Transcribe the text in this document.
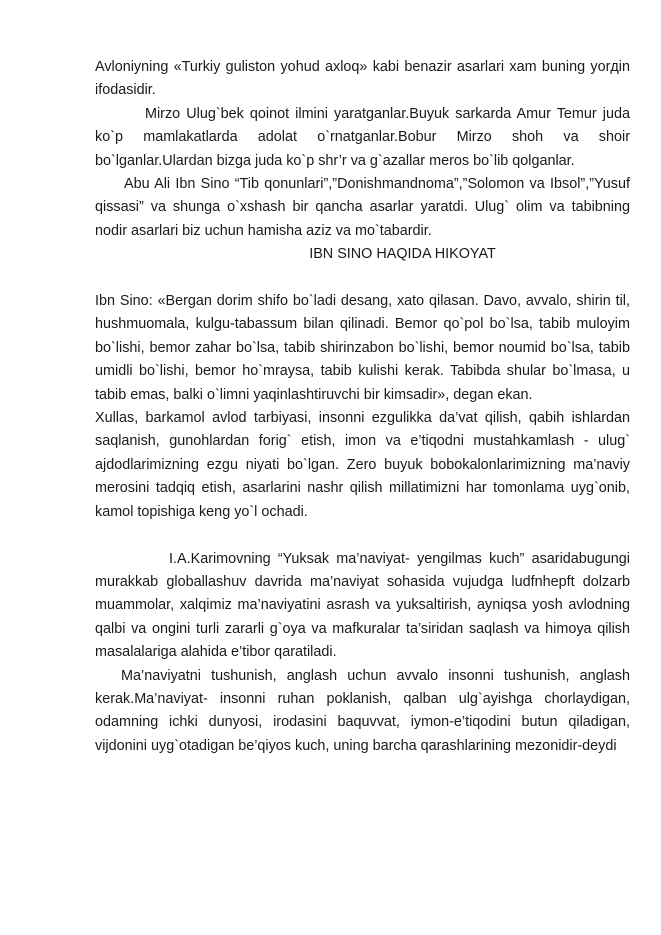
Avloniyning «Turkiy guliston yohud axloq» kabi benazir asarlari хam buning yorдin ifodasidir.

Mirzo Ulug`bek qoinot ilmini yaratganlar.Buyuk sarkarda Amur Temur juda ko`p mamlakatlarda adolat o`rnatganlar.Bobur Mirzo shoh va shoir bo`lganlar.Ulardan bizga juda ko`p shr’r va g`azallar meros bo`lib qolganlar.

Abu Ali Ibn Sino “Tib qonunlari”,”Donishmandnoma”,”Solomon va Ibsol”,”Yusuf qissasi” va shunga o`xshash bir qancha asarlar yaratdi. Ulug` olim va tabibning nodir asarlari biz uchun hamisha aziz va mo`tabardir.

IBN SINO HAQIDA HIKOYAT

Ibn Sino: «Bergan dorim shifo bo`ladi desang, xato qilasan. Davo, avvalo, shirin til, hushmuomala, kulgu-tabassum bilan qilinadi. Bemor qo`pol bo`lsa, tabib muloyim bo`lishi, bemor zahar bo`lsa, tabib shirinzabon bo`lishi, bemor noumid bo`lsa, tabib umidli bo`lishi, bemor ho`mraysa, tabib kulishi kerak. Tabibda shular bo`lmasa, u tabib emas, balki o`limni yaqinlashtiruvchi bir kimsadir», degan ekan.

Xullas, barkamol avlod tarbiyasi, insonni ezgulikka da’vat qilish, qabih ishlardan saqlanish, gunohlardan forig` etish, imon va e’tiqodni mustahkamlash - ulug` ajdodlarimizning ezgu niyati bo`lgan. Zero buyuk bobokalonlarimizning ma’naviy merosini tadqiq etish, asarlarini nashr qilish millatimizni har tomonlama uyg`onib, kamol topishiga keng yo`l ochadi.

I.A.Karimovning “Yuksak ma’naviyat- yengilmas kuch” asaridabugungi murakkab globallashuv davrida ma’naviyat sohasida vujudga ludfnhepft dolzarb muammolar, xalqimiz ma’naviyatini asrash va yuksaltirish, ayniqsa yosh avlodning qalbi va ongini turli zararli g`oya va mafkuralar ta’siridan saqlash va himoya qilish masalalariga alahida e’tibor qaratiladi.

Ma’naviyatni tushunish, anglash uchun avvalo insonni tushunish, anglash kerak.Ma’naviyat- insonni ruhan poklanish, qalban ulg`ayishga chorlaydigan, odamning ichki dunyosi, irodasini baquvvat, iymon-e’tiqodini butun qiladigan, vijdonini uyg`otadigan be’qiyos kuch, uning barcha qarashlarining mezonidir-deydi
